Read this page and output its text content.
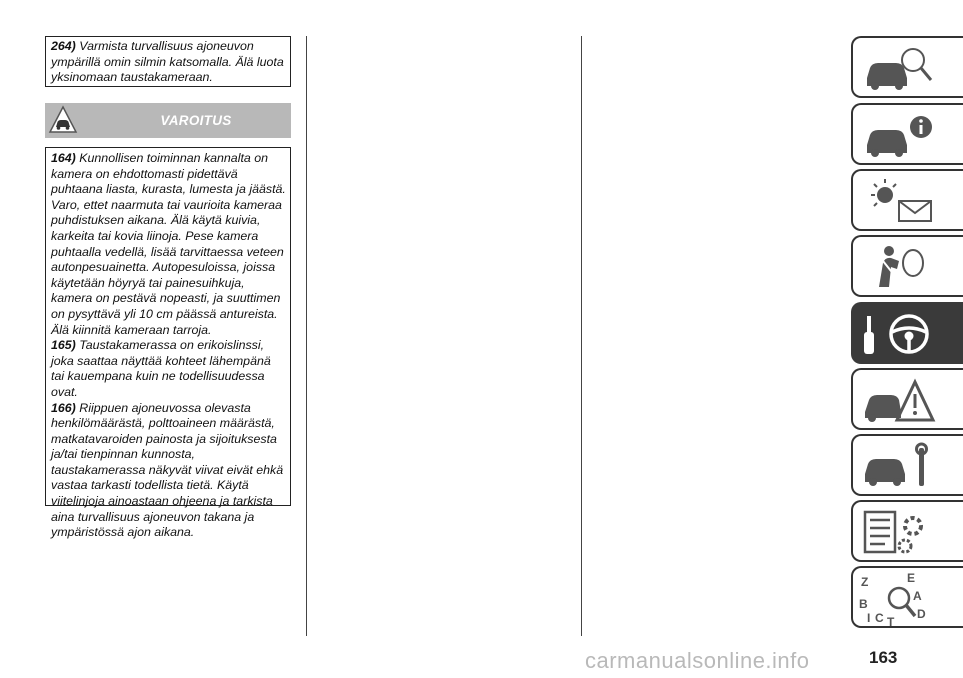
264) Varmista turvallisuus ajoneuvon ympärillä omin silmin katsomalla. Älä luota yksinomaan taustakameraan.
VAROITUS
164) Kunnollisen toiminnan kannalta on kamera on ehdottomasti pidettävä puhtaana liasta, kurasta, lumesta ja jäästä. Varo, ettet naarmuta tai vaurioita kameraa puhdistuksen aikana. Älä käytä kuivia, karkeita tai kovia liinoja. Pese kamera puhtaalla vedellä, lisää tarvittaessa veteen autonpesuainetta. Autopesuloissa, joissa käytetään höyryä tai painesuihkuja, kamera on pestävä nopeasti, ja suuttimen on pysyttävä yli 10 cm päässä antureista. Älä kiinnitä kameraan tarroja.
165) Taustakamerassa on erikoislinssi, joka saattaa näyttää kohteet lähempänä tai kauempana kuin ne todellisuudessa ovat.
166) Riippuen ajoneuvossa olevasta henkilömäärästä, polttoaineen määrästä, matkatavaroiden painosta ja sijoituksesta ja/tai tienpinnan kunnosta, taustakamerassa näkyvät viivat eivät ehkä vastaa tarkasti todellista tietä. Käytä viitelinjoja ainoastaan ohjeena ja tarkista aina turvallisuus ajoneuvon takana ja ympäristössä ajon aikana.
Z	E
B
A
I C T
D
163
carmanualsonline.info
